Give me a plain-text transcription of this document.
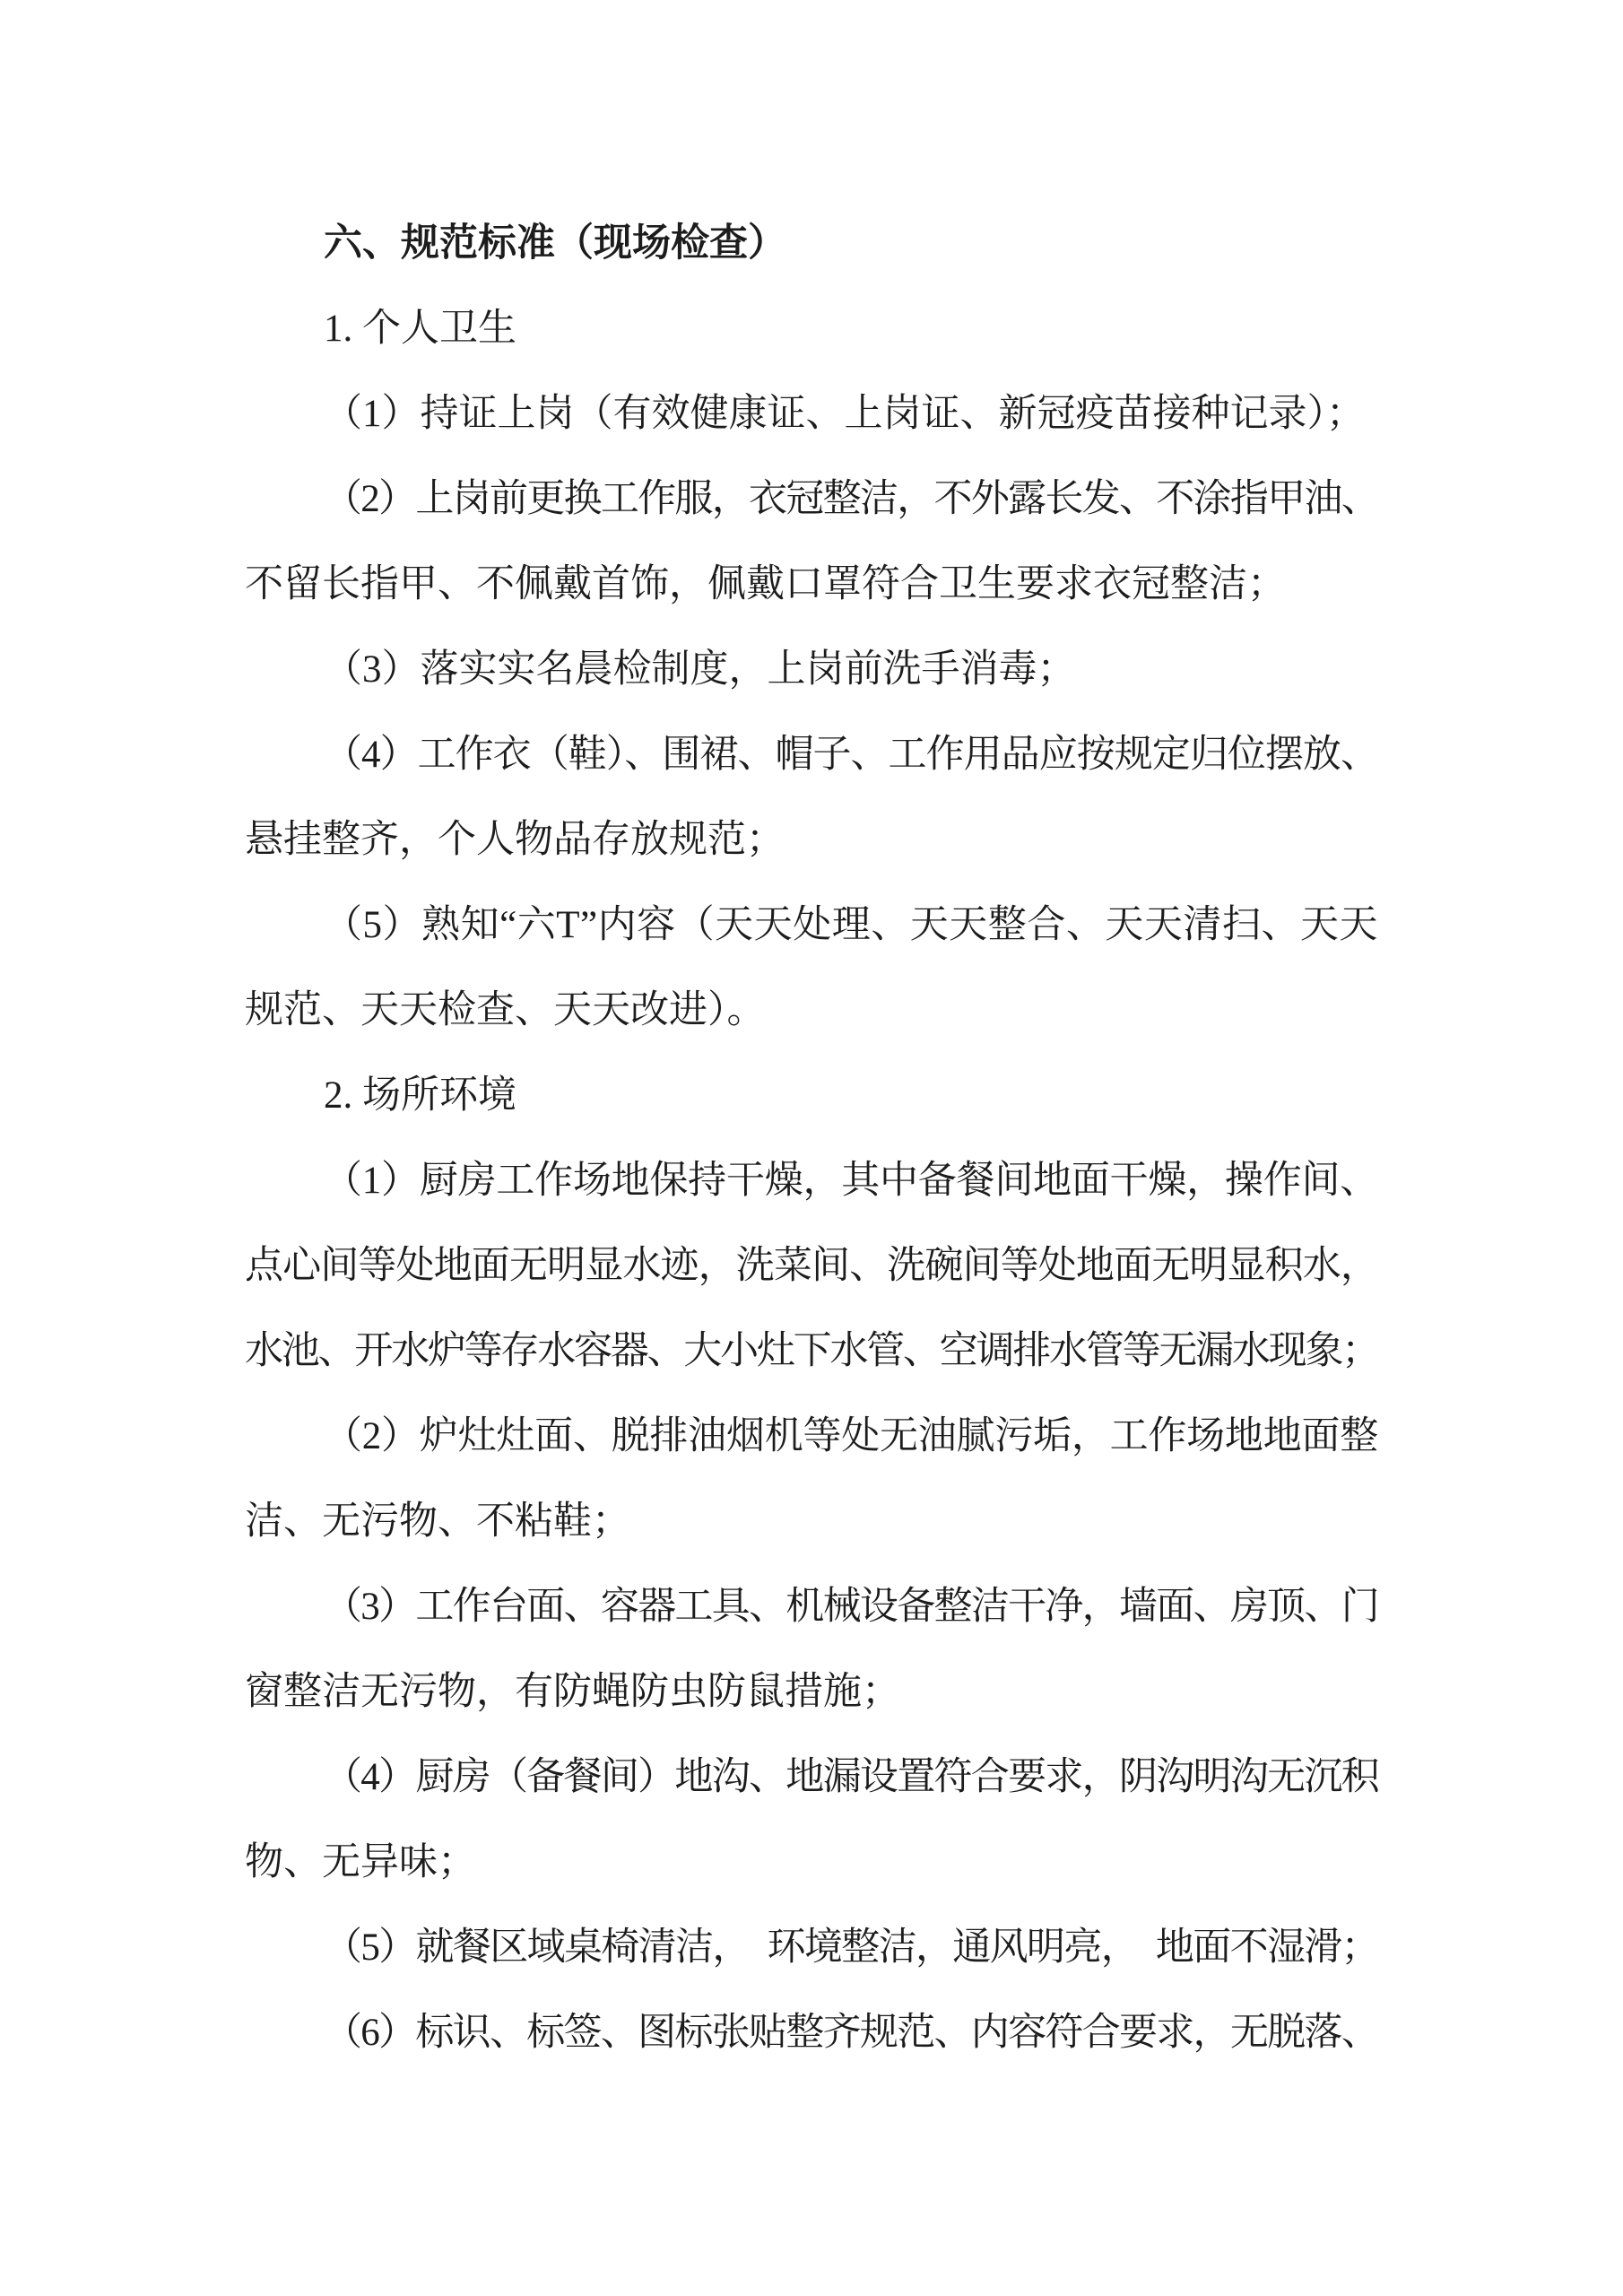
六、规范标准（现场检查）
1. 个人卫生
（1）持证上岗（有效健康证、上岗证、新冠疫苗接种记录）；
（2）上岗前更换工作服，衣冠整洁，不外露长发、不涂指甲油、
不留长指甲、不佩戴首饰，佩戴口罩符合卫生要求衣冠整洁；
（3）落实实名晨检制度，上岗前洗手消毒；
（4）工作衣（鞋）、围裙、帽子、工作用品应按规定归位摆放、
悬挂整齐，个人物品存放规范；
（5）熟知“六T”内容（天天处理、天天整合、天天清扫、天天
规范、天天检查、天天改进）。
2. 场所环境
（1）厨房工作场地保持干燥，其中备餐间地面干燥，操作间、
点心间等处地面无明显水迹，洗菜间、洗碗间等处地面无明显积水，
水池、开水炉等存水容器、大小灶下水管、空调排水管等无漏水现象；
（2）炉灶灶面、脱排油烟机等处无油腻污垢，工作场地地面整
洁、无污物、不粘鞋；
（3）工作台面、容器工具、机械设备整洁干净，墙面、房顶、门
窗整洁无污物，有防蝇防虫防鼠措施；
（4）厨房（备餐间）地沟、地漏设置符合要求，阴沟明沟无沉积
物、无异味；
（5）就餐区域桌椅清洁，　环境整洁，通风明亮，　地面不湿滑；
（6）标识、标签、图标张贴整齐规范、内容符合要求，无脱落、
